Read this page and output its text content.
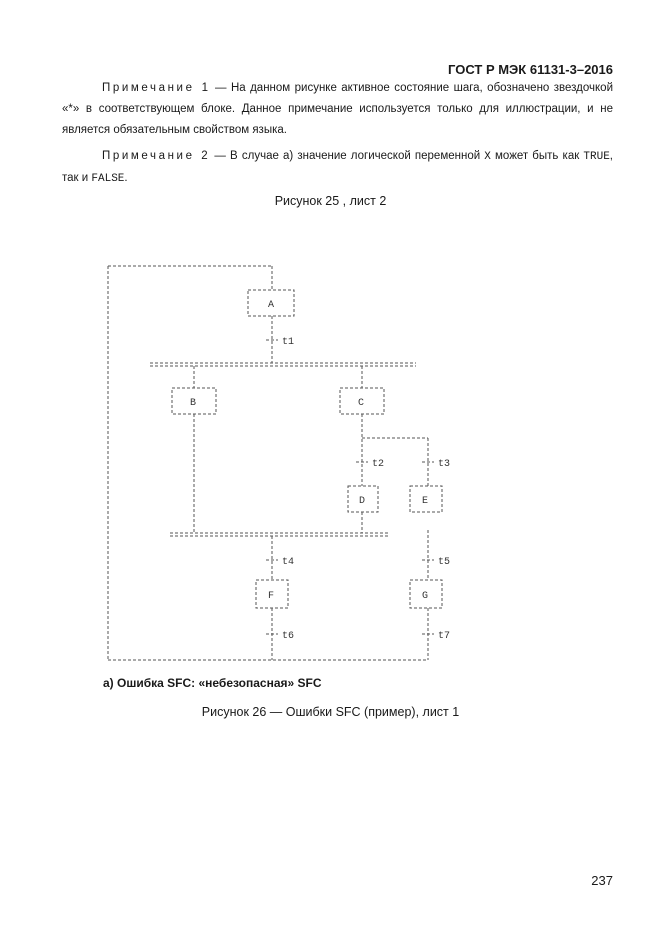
ГОСТ Р МЭК 61131-3–2016
Примечание 1 — На данном рисунке активное состояние шага, обозначено звездочкой «*» в соответствующем блоке. Данное примечание используется только для иллюстрации, и не является обязательным свойством языка.
Примечание 2 — В случае а) значение логической переменной X может быть как TRUE, так и FALSE.
Рисунок 25 , лист 2
A
B	C
D	E
F	G
t1
t2	t3
t4	t5
t6	t7
а) Ошибка SFC: «небезопасная» SFC
Рисунок 26 — Ошибки SFC (пример), лист 1
237
